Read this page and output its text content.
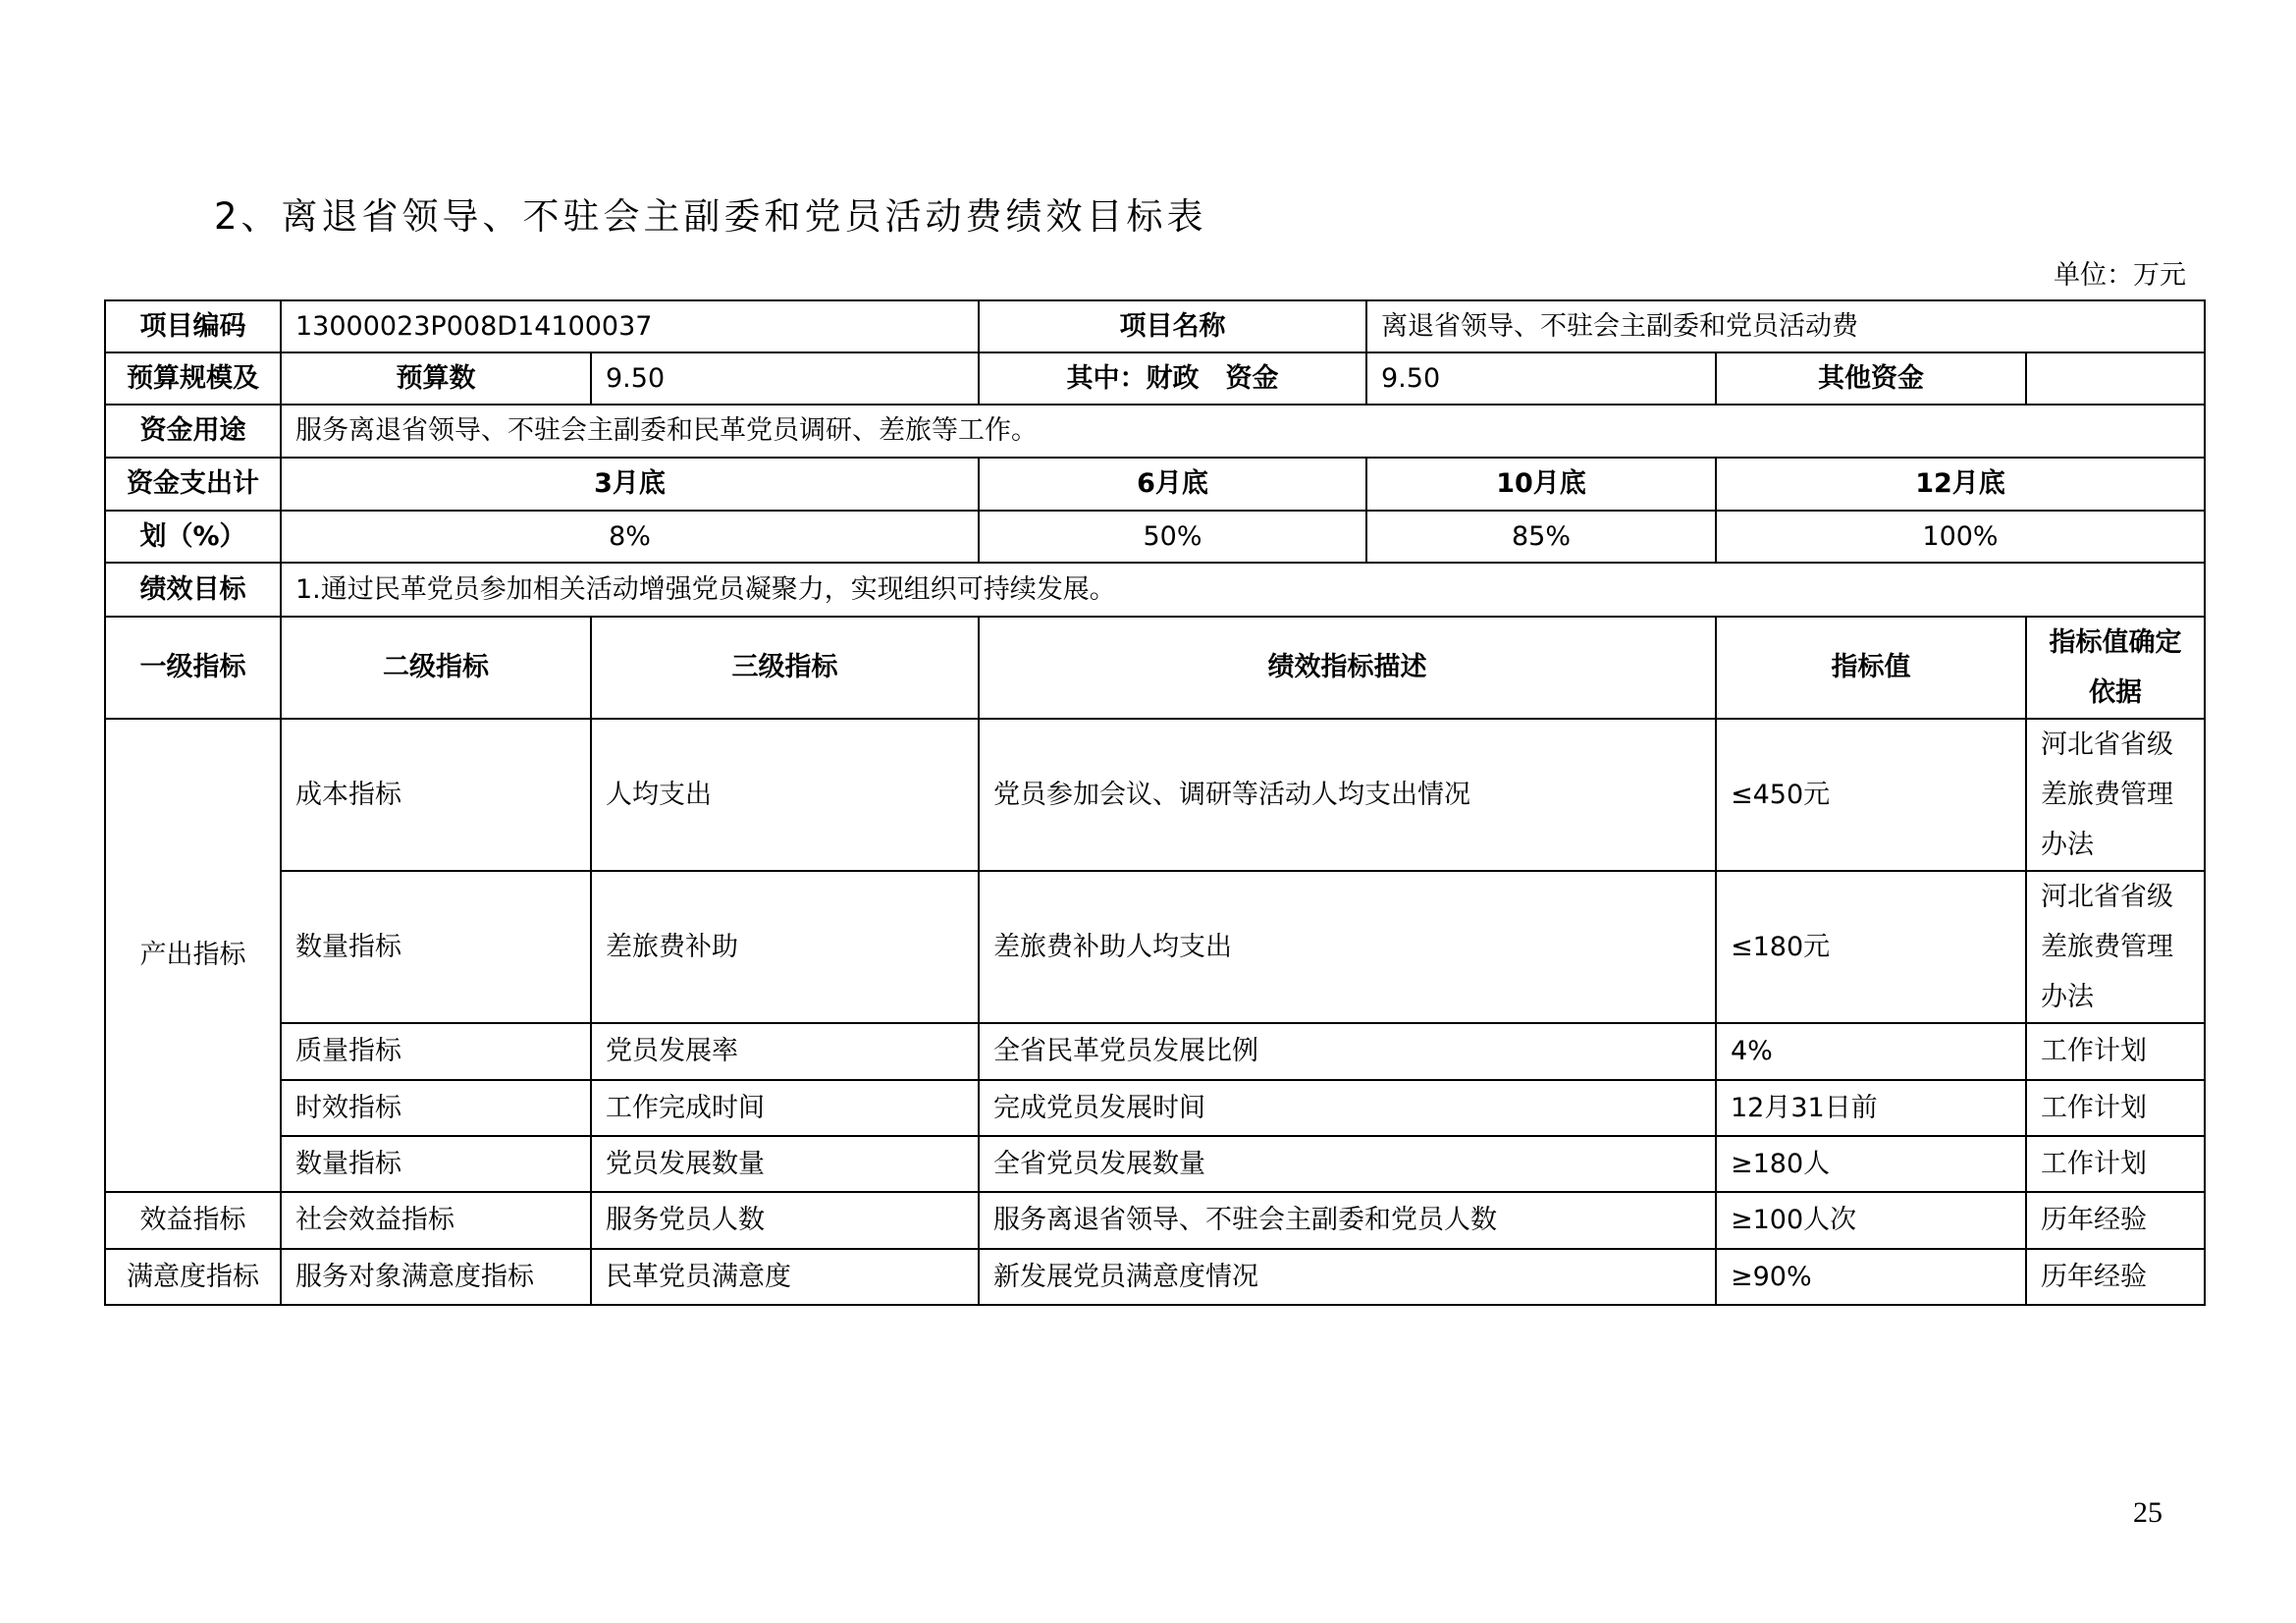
2、离退省领导、不驻会主副委和党员活动费绩效目标表
单位：万元
项目编码	13000023P008D14100037		项目名称	离退省领导、不驻会主副委和党员活动费		
预算规模及	预算数	9.50	其中：财政　资金	9.50	其他资金	
资金用途	服务离退省领导、不驻会主副委和民革党员调研、差旅等工作。					
资金支出计	3月底		6月底	10月底	12月底	
划（%）	8%		50%	85%	100%	
绩效目标	1.通过民革党员参加相关活动增强党员凝聚力，实现组织可持续发展。					
一级指标	二级指标	三级指标	绩效指标描述		指标值	指标值确定依据
产出指标	成本指标	人均支出	党员参加会议、调研等活动人均支出情况		≤450元	河北省省级差旅费管理办法
	数量指标	差旅费补助	差旅费补助人均支出		≤180元	河北省省级差旅费管理办法
	质量指标	党员发展率	全省民革党员发展比例		4%	工作计划
	时效指标	工作完成时间	完成党员发展时间		12月31日前	工作计划
	数量指标	党员发展数量	全省党员发展数量		≥180人	工作计划
效益指标	社会效益指标	服务党员人数	服务离退省领导、不驻会主副委和党员人数		≥100人次	历年经验
满意度指标	服务对象满意度指标	民革党员满意度	新发展党员满意度情况		≥90%	历年经验
25
